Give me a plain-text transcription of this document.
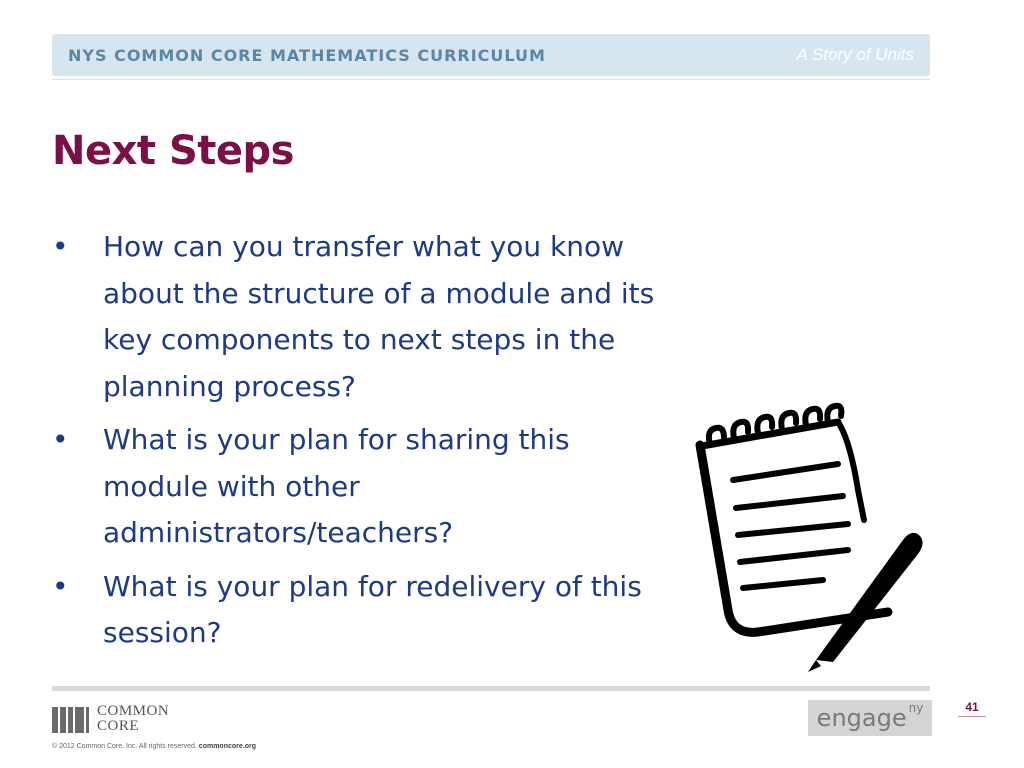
NYS COMMON CORE MATHEMATICS CURRICULUM	A Story of Units
Next Steps
• How can you transfer what you know about the structure of a module and its key components to next steps in the planning process?
• What is your plan for sharing this module with other administrators/teachers?
• What is your plan for redelivery of this session?
COMMON
CORE
© 2012 Common Core, Inc. All rights reserved. commoncore.org
engage$^{ny}$	41
